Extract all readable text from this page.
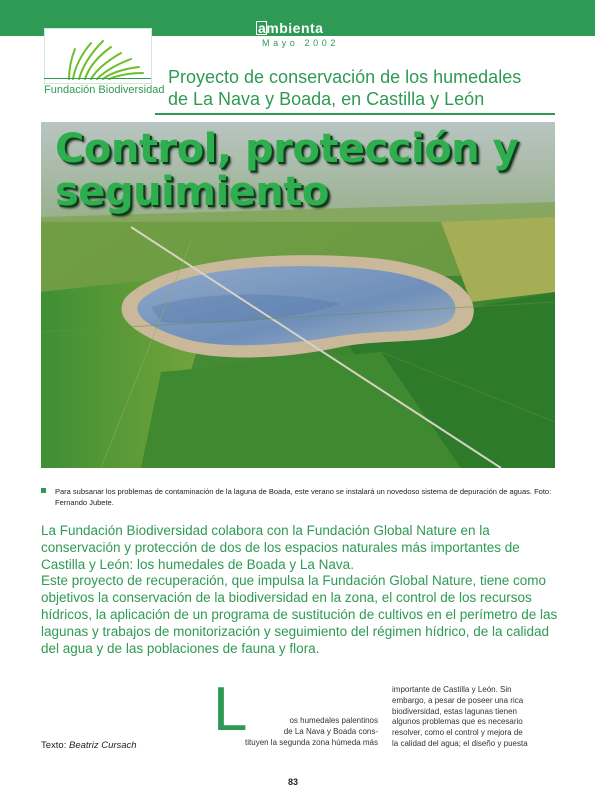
ambienta
Mayo 2002
Fundación Biodiversidad
Proyecto de conservación de los humedales
de La Nava y Boada, en Castilla y León
Control, protección y
seguimiento
Para subsanar los problemas de contaminación de la laguna de Boada, este verano se instalará un novedoso sistema de depuración de aguas. Foto: Fernando Jubete.

La Fundación Biodiversidad colabora con la Fundación Global Nature en la conservación y protección de dos de los espacios naturales más importantes de Castilla y León: los humedales de Boada y La Nava.

Este proyecto de recuperación, que impulsa la Fundación Global Nature, tiene como objetivos la conservación de la biodiversidad en la zona, el control de los recursos hídricos, la aplicación de un programa de sustitución de cultivos en el perímetro de las lagunas y trabajos de monitorización y seguimiento del régimen hídrico, de la calidad del agua y de las poblaciones de fauna y flora.

Texto: Beatriz Cursach
L	os humedales palentinos
de La Nava y Boada cons-
tituyen la segunda zona húmeda más
importante de Castilla y León. Sin
embargo, a pesar de poseer una rica
biodiversidad, estas lagunas tienen
algunos problemas que es necesario
resolver, como el control y mejora de
la calidad del agua; el diseño y puesta
83
